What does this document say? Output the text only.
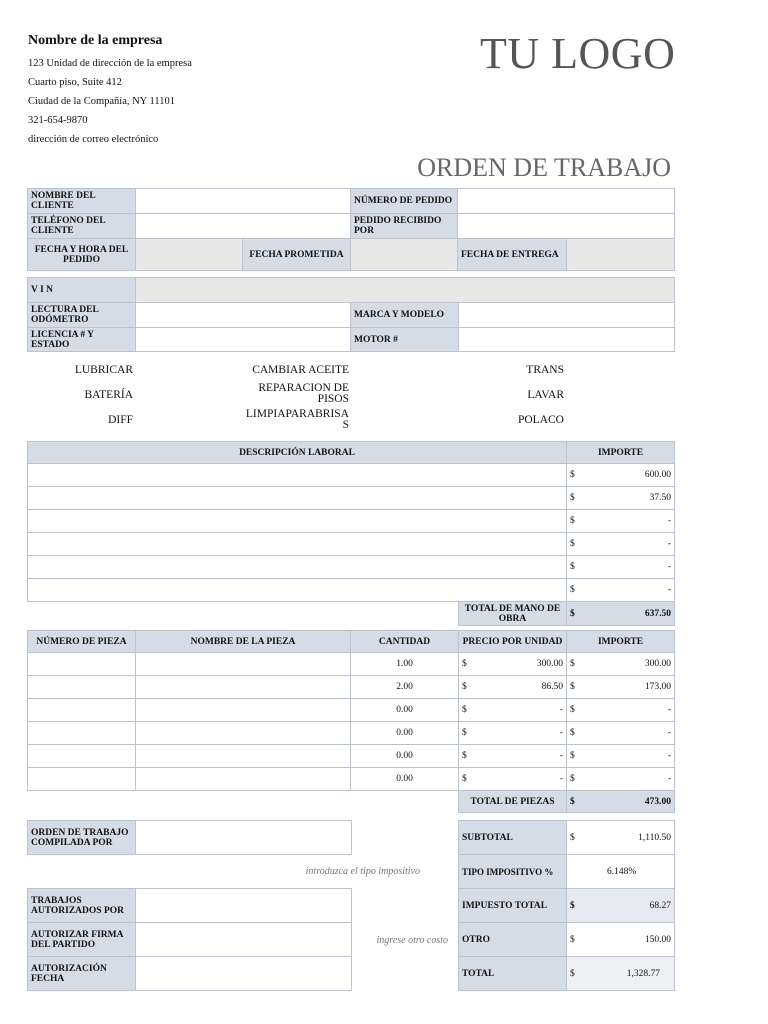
Nombre de la empresa
123 Unidad de dirección de la empresa
Cuarto piso, Suite 412
Ciudad de la Compañía, NY 11101
321-654-9870
dirección de correo electrónico
TU LOGO
ORDEN DE TRABAJO
NOMBRE DEL CLIENTE			NÚMERO DE PEDIDO		
TELÉFONO DEL CLIENTE			PEDIDO RECIBIDO POR		
FECHA Y HORA DEL PEDIDO		FECHA PROMETIDA		FECHA DE ENTREGA	
V I N			
LECTURA DEL ODÓMETRO		MARCA Y MODELO	
LICENCIA # Y ESTADO		MOTOR #	
LUBRICAR
BATERÍA
DIFF
CAMBIAR ACEITE
REPARACION DE PISOS
LIMPIAPARABRISAS
TRANS
LAVAR
POLACO
DESCRIPCIÓN LABORAL		IMPORTE	
		$	600.00
		$	37.50
		$	-
		$	-
		$	-
		$	-
	TOTAL DE MANO DE OBRA	$	637.50
NÚMERO DE PIEZA	NOMBRE DE LA PIEZA	CANTIDAD	PRECIO POR UNIDAD		IMPORTE	
		1.00	$	300.00	$	300.00
		2.00	$	86.50	$	173.00
		0.00	$	-	$	-
		0.00	$	-	$	-
		0.00	$	-	$	-
		0.00	$	-	$	-
			TOTAL DE PIEZAS		$	473.00
ORDEN DE TRABAJO COMPILADA POR	
TRABAJOS AUTORIZADOS POR	
AUTORIZAR FIRMA DEL PARTIDO	
AUTORIZACIÓN FECHA	
introduzca el tipo impositivo
ingrese otro costo
SUBTOTAL	$	1,110.50
TIPO IMPOSITIVO %	6.148%	
IMPUESTO TOTAL	$	68.27
OTRO	$	150.00
TOTAL	$	1,328.77
